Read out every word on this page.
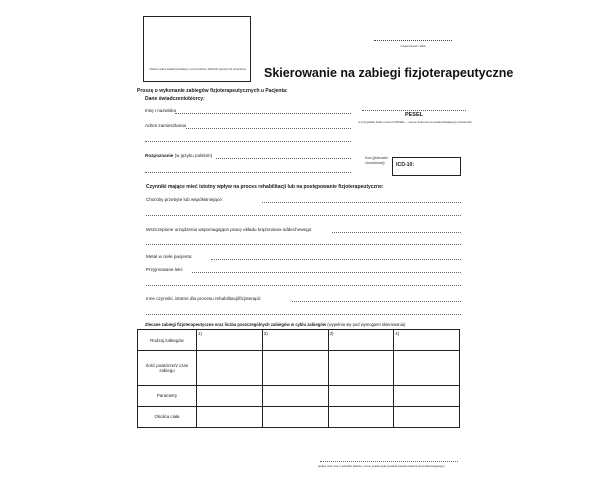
Nazwa i adres świadczeniodawcy, numer telefonu, REGON, pieczęć lub oznaczenie
miejscowość i data
Skierowanie na zabiegi fizjoterapeutyczne
Proszę o wykonanie zabiegów fizjoterapeutycznych u Pacjenta:
Dane świadczeniobiorcy:
Imię i nazwisko
Adres zamieszkania
PESEL
w przypadku braku numeru PESEL – numer dokumentu potwierdzającego tożsamość
Rozpoznanie (w języku polskim)	Kod (jednostki chorobowej)	ICD-10:
Czynniki mające mieć istotny wpływ na proces rehabilitacji lub na postępowanie fizjoterapeutyczne:
Choroby przebyte lub współistniejące:
Wszczepione urządzenia wspomagające pracę układu krążeniowo-oddechowego:
Metal w ciele pacjenta:
Przyjmowane leki:
Inne czynniki, istotne dla procesu rehabilitacji/fizjoterapii:
Zlecane zabiegi fizjoterapeutyczne oraz liczba poszczególnych zabiegów w cyklu zabiegów (wypełnia się pod wymogiem skierowania)
Rodzaj zabiegów	1)	2)	3)	4)
Ilość powtórzeń/ czas zabiegu				
Parametry				
Okolica ciała				
podpis oraz imię i nazwisko lekarza, numer prawa wykonywania zawodu lekarza (kod skierowującego)
